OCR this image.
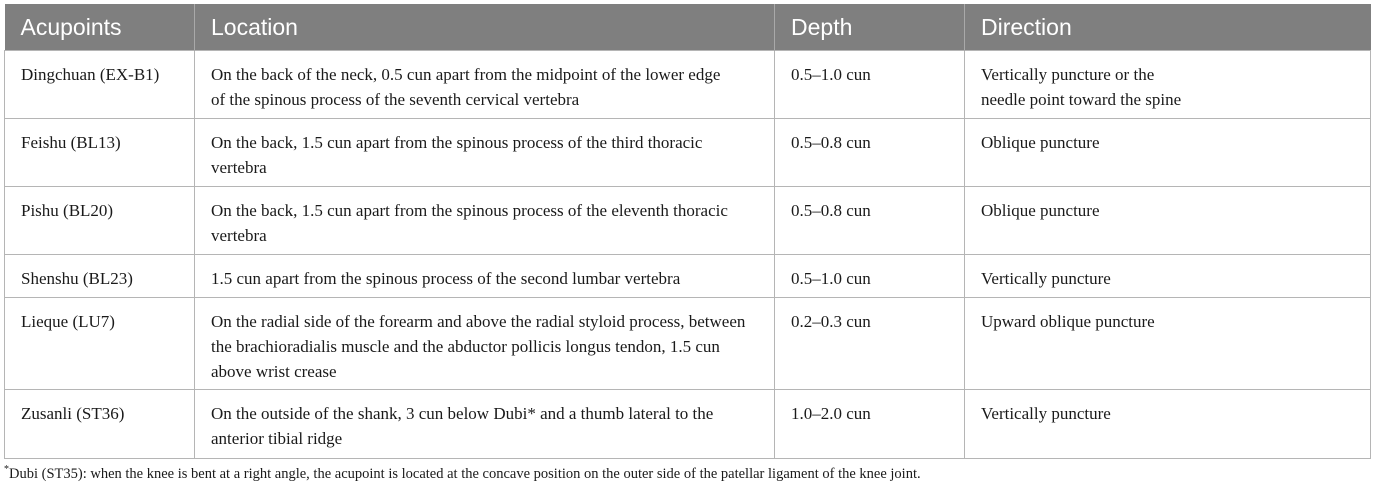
Acupoints	Location	Depth	Direction
Dingchuan (EX-B1)	On the back of the neck, 0.5 cun apart from the midpoint of the lower edge of the spinous process of the seventh cervical vertebra	0.5–1.0 cun	Vertically puncture or the needle point toward the spine
Feishu (BL13)	On the back, 1.5 cun apart from the spinous process of the third thoracic vertebra	0.5–0.8 cun	Oblique puncture
Pishu (BL20)	On the back, 1.5 cun apart from the spinous process of the eleventh thoracic vertebra	0.5–0.8 cun	Oblique puncture
Shenshu (BL23)	1.5 cun apart from the spinous process of the second lumbar vertebra	0.5–1.0 cun	Vertically puncture
Lieque (LU7)	On the radial side of the forearm and above the radial styloid process, between the brachioradialis muscle and the abductor pollicis longus tendon, 1.5 cun above wrist crease	0.2–0.3 cun	Upward oblique puncture
Zusanli (ST36)	On the outside of the shank, 3 cun below Dubi* and a thumb lateral to the anterior tibial ridge	1.0–2.0 cun	Vertically puncture
*Dubi (ST35): when the knee is bent at a right angle, the acupoint is located at the concave position on the outer side of the patellar ligament of the knee joint.
